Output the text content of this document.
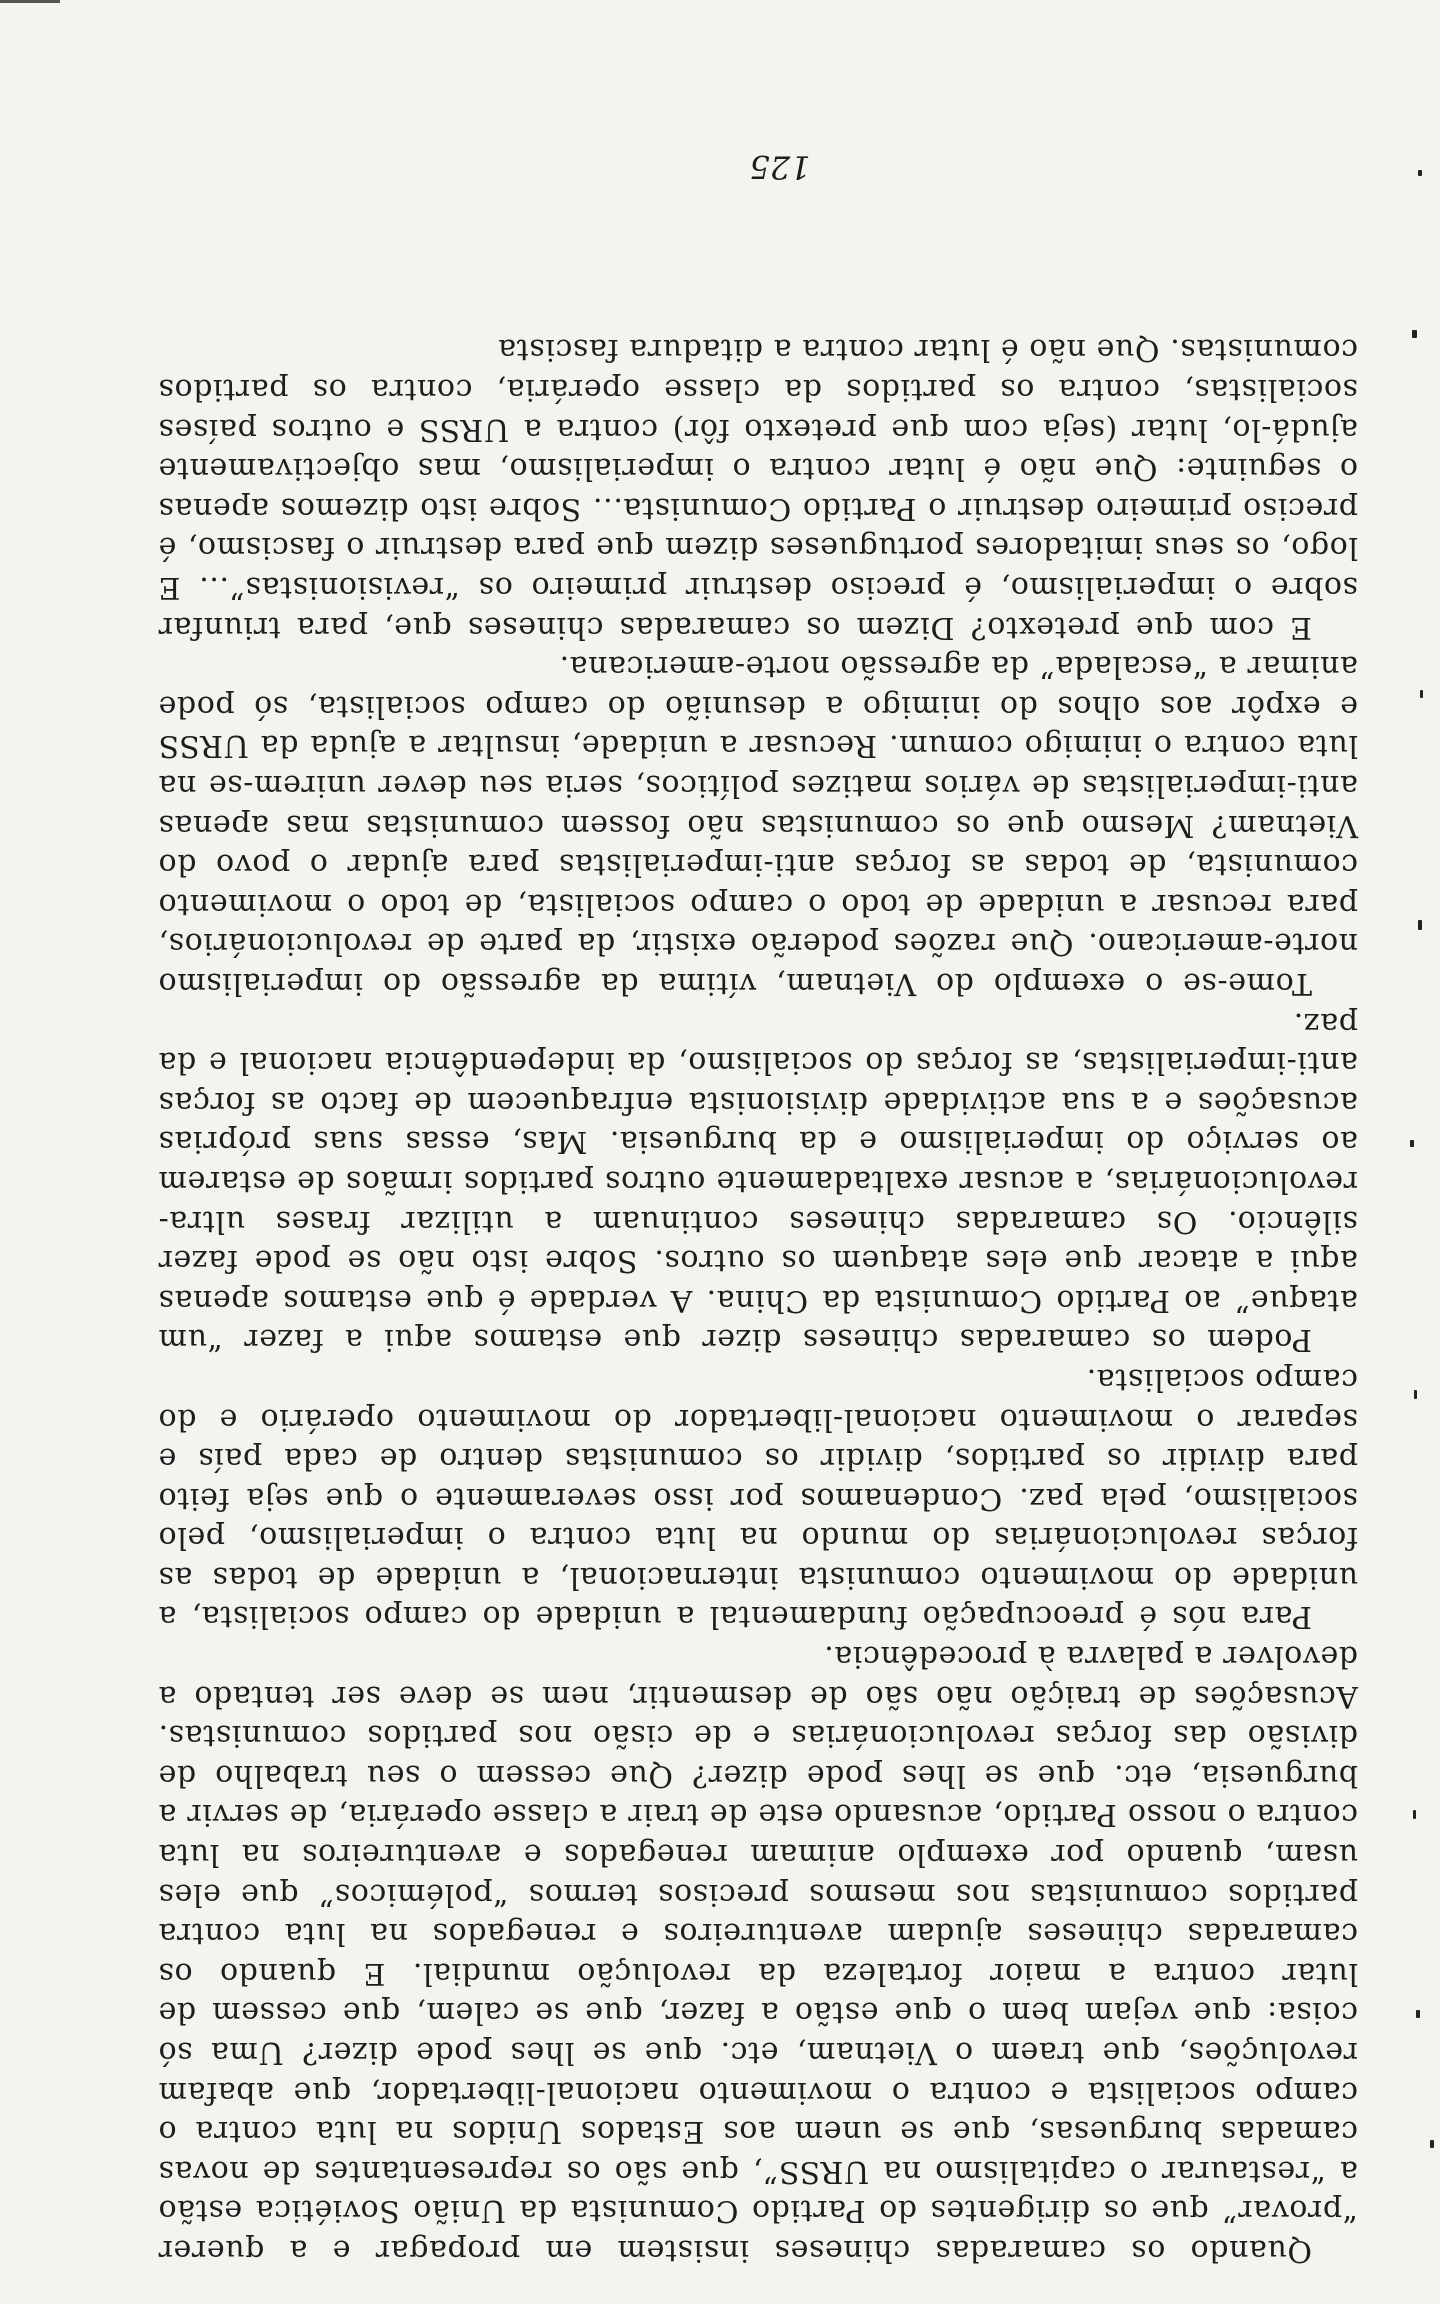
Quando os camaradas chineses insistem em propagar e a querer “provar” que os dirigentes do Partido Comunista da União Soviética estão a “restaurar o capitalismo na URSS”, que são os representantes de novas camadas burguesas, que se unem aos Estados Unidos na luta contra o campo socialista e contra o movimento nacional-libertador, que abafam revoluções, que traem o Vietnam, etc. que se lhes pode dizer? Uma só coisa: que vejam bem o que estão a fazer, que se calem, que cessem de lutar contra a maior fortaleza da revolução mundial. E quando os camaradas chineses ajudam aventureiros e renegados na luta contra partidos comunistas nos mesmos precisos termos “polémicos” que eles usam, quando por exemplo animam renegados e aventureiros na luta contra o nosso Partido, acusando este de trair a classe operária, de servir a burguesia, etc. que se lhes pode dizer? Que cessem o seu trabalho de divisão das forças revolucionárias e de cisão nos partidos comunistas. Acusações de traição não são de desmentir, nem se deve ser tentado a devolver a palavra à procedência.

Para nós é preocupação fundamental a unidade do campo socialista, a unidade do movimento comunista internacional, a unidade de todas as forças revolucionárias do mundo na luta contra o imperialismo, pelo socialismo, pela paz. Condenamos por isso severamente o que seja feito para dividir os partidos, dividir os comunistas dentro de cada país e separar o movimento nacional-libertador do movimento operário e do campo socialista.

Podem os camaradas chineses dizer que estamos aqui a fazer “um ataque” ao Partido Comunista da China. A verdade é que estamos apenas aqui a atacar que eles ataquem os outros. Sobre isto não se pode fazer silêncio. Os camaradas chineses continuam a utilizar frases ultra-revolucionárias, a acusar exaltadamente outros partidos irmãos de estarem ao serviço do imperialismo e da burguesia. Mas, essas suas próprias acusações e a sua actividade divisionista enfraquecem de facto as forças anti-imperialistas, as forças do socialismo, da independência nacional e da paz.

Tome-se o exemplo do Vietnam, vítima da agressão do imperialismo norte-americano. Que razões poderão existir, da parte de revolucionários, para recusar a unidade de todo o campo socialista, de todo o movimento comunista, de todas as forças anti-imperialistas para ajudar o povo do Vietnam? Mesmo que os comunistas não fossem comunistas mas apenas anti-imperialistas de vários matizes políticos, seria seu dever unirem-se na luta contra o inimigo comum. Recusar a unidade, insultar a ajuda da URSS e expôr aos olhos do inimigo a desunião do campo socialista, só pode animar a “escalada” da agressão norte-americana.

E com que pretexto? Dizem os camaradas chineses que, para triunfar sobre o imperialismo, é preciso destruir primeiro os “revisionistas”... E logo, os seus imitadores portugueses dizem que para destruir o fascismo, é preciso primeiro destruir o Partido Comunista... Sobre isto dizemos apenas o seguinte: Que não é lutar contra o imperialismo, mas objectivamente ajudá-lo, lutar (seja com que pretexto fôr) contra a URSS e outros países socialistas, contra os partidos da classe operária, contra os partidos comunistas. Que não é lutar contra a ditadura fascista

125
